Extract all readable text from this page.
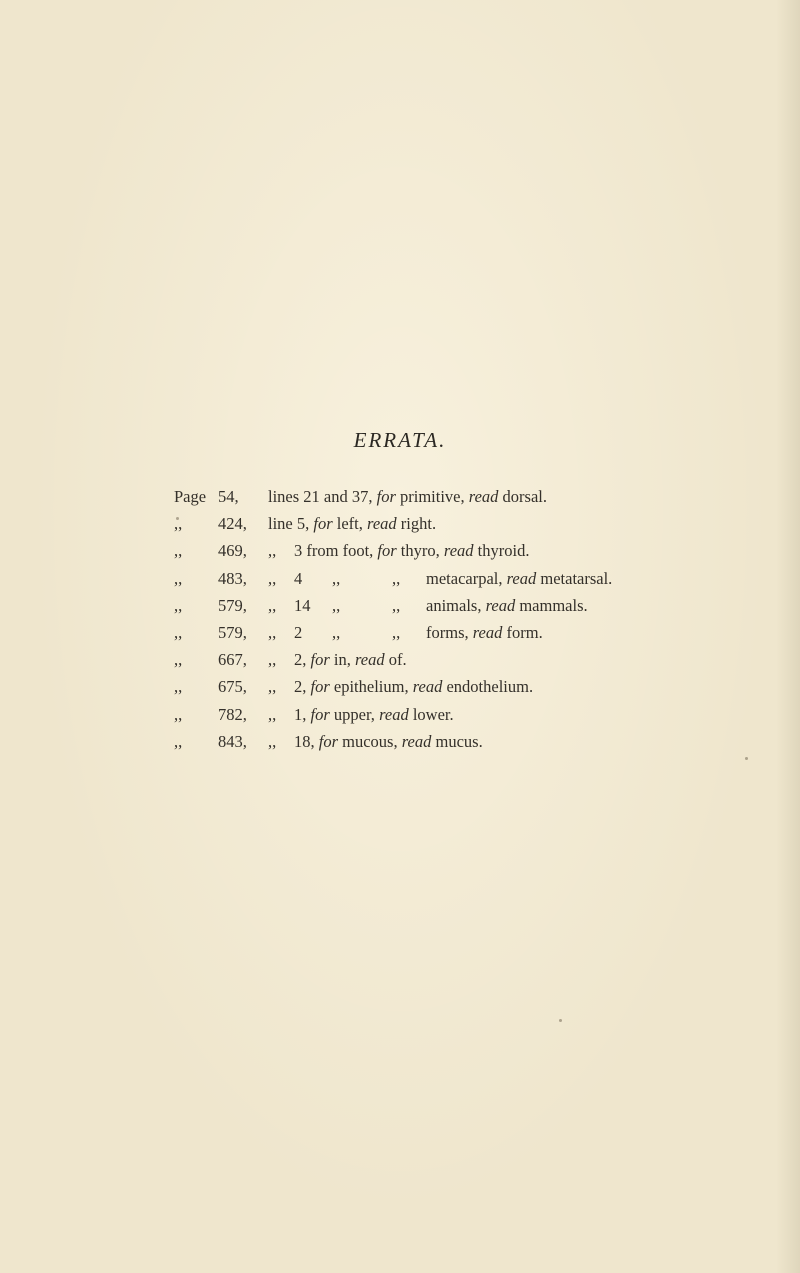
ERRATA.
Page	54,	lines 21 and 37, for primitive, read dorsal.
,,	424,	line 5, for left, read right.
,,	469,	,, 3 from foot, for thyro, read thyroid.
,,	483,	,, 4 ,, ,, metacarpal, read metatarsal.
,,	579,	,, 14 ,, ,, animals, read mammals.
,,	579,	,, 2 ,, ,, forms, read form.
,,	667,	,, 2, for in, read of.
,,	675,	,, 2, for epithelium, read endothelium.
,,	782,	,, 1, for upper, read lower.
,,	843,	,, 18, for mucous, read mucus.
